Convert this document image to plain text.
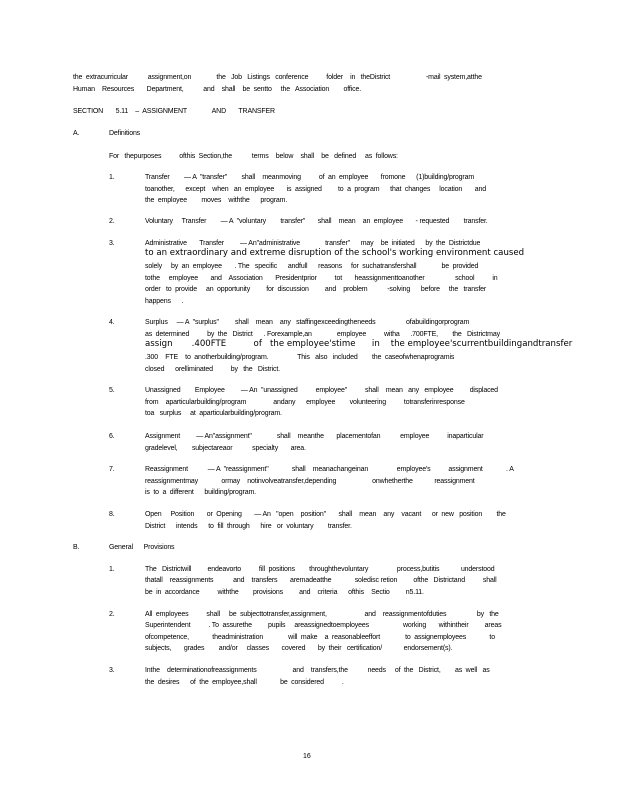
the  extracurricular           assignment,on              the   Job   Listings   conference          folder    in   theDistrict                    -mail  system,atthe
Human    Resources       Department,           and    shall    be  sentto     the   Association        office.
SECTION       5.11    –  ASSIGNMENT              AND       TRANSFER
A.	Definitions
For   thepurposes          ofthis  Section,the           terms    below    shall    be   defined     as  follows:
1.	Transfer        — A  "transfer"        shall    meanmoving          of  an  employee       fromone      (1)building/program
toanother,      except    when   an  employee       is  assigned         to  a  program      that  changes     location       and
the  employee        moves    withthe      program.
2.	Voluntary     Transfer        — A  "voluntary        transfer"       shall    mean    an  employee       - requested        transfer.
3.	Administrative       Transfer         — An"administrative              transfer"      may    be  initiated      by  the  Districtdue
to an extraordinary and extreme disruption of the school's working environment caused
solely     by  an  employee       . The   specific      andfull      reasons     for  suchatransfershall              be  provided
tothe     employee       and    Association       Presidentprior          tot       heassignmenttoanother                 school          in
order   to  provide     an  opportunity         for  discussion         and    problem           -solving      before     the   transfer
happens      .
4.	Surplus     — A  "surplus"         shall    mean    any   staffingexceedingtheneeds                 ofabuildingorprogram
as  determined          by  the   District      . Forexample,an              employee          witha      .700FTE,        the   Districtmay
assign       .400FTE          of   the employee'stime      in    the employee'scurrentbuildingandtransfer
.300    FTE    to  anotherbuilding/program.                This   also   included        the  caseofwhenaprogramis
closed      orelliminated          by   the   District.
5.	Unassigned        Employee         — An  "unassigned          employee"          shall    mean   any   employee         displaced
from    aparticularbuilding/program               andany      employee        volunteering          totransferinresponse
toa   surplus     at  aparticularbuilding/program.
6.	Assignment         — An"assignment"              shall    meanthe       placementofan           employee          inaparticular
gradelevel,        subjectareaor           specialty       area.
7.	Reassignment           — A  "reassignment"             shall    meanachangeinan                employee's          assignment             . A
reassignmentmay             ormay    notinvolveatransfer,depending                    onwhetherthe            reassignment
is  to  a  different      building/program.
8.	Open     Position       or  Opening       — An   "open    position"       shall    mean    any    vacant      or  new   position        the
District      intends      to  fill  through      hire   or  voluntary        transfer.
B.	General      Provisions
1.	The   Districtwill         endeavorto          fill  positions        throughthevoluntary                process,butitis            understood
thatall    reassignments           and    transfers       aremadeatthe             soledisc retion         ofthe   Districtand          shall
be  in  accordance          withthe        provisions         and    criteria      ofthis    Sectio         n5.11.
2.	All  employees          shall     be  subjecttotransfer,assignment,                     and    reassignmentofduties                 by   the
Superintendent          . To  assurethe         pupils     areassignedtoemployees                   working       withintheir         areas
ofcompetence,             theadministration              will  make    a  reasonableeffort              to  assignemployees             to
subjects,       grades        and/or     classes       covered       by  their   certification/            endorsement(s).
3.	Inthe    determinationofreassignments                    and    transfers,the           needs     of  the   District,        as  well   as
the  desires      of  the  employee,shall             be  considered          .
16
